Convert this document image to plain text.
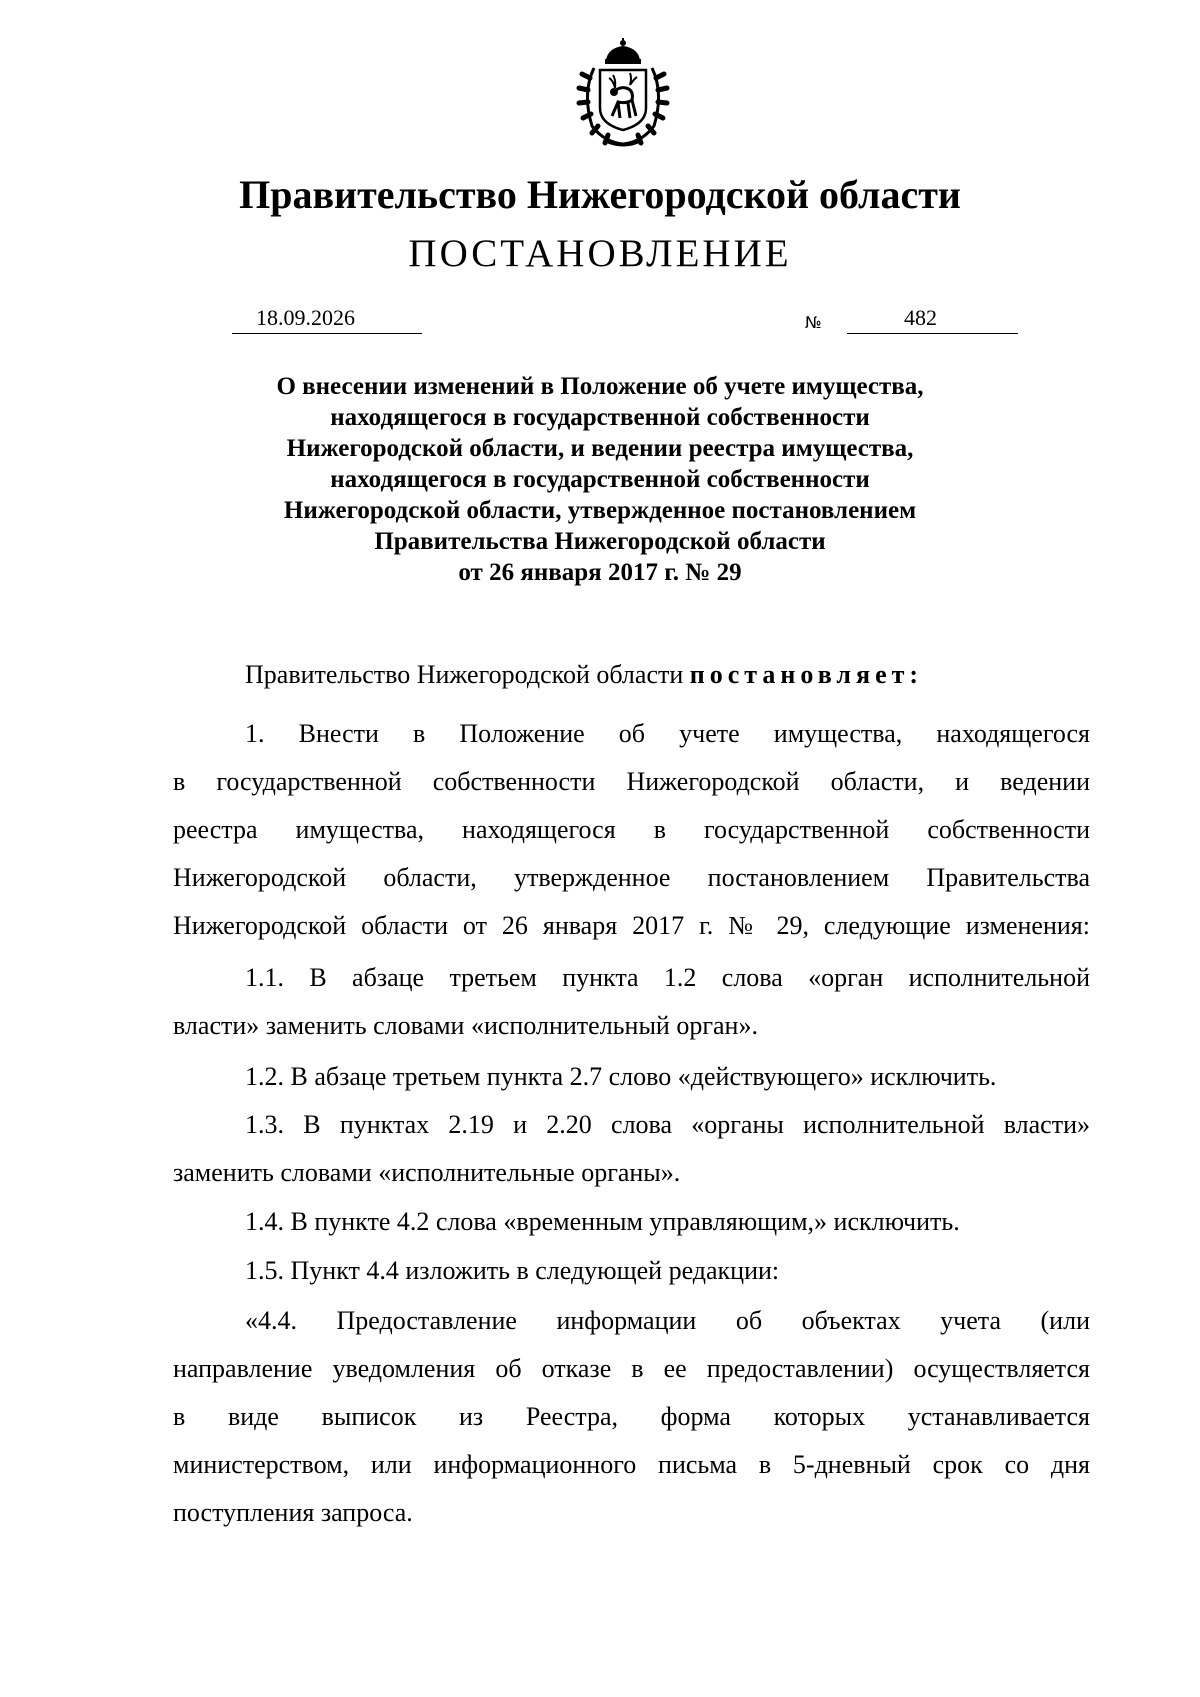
Правительство Нижегородской области
ПОСТАНОВЛЕНИЕ
18.09.2026	№	482
О внесении изменений в Положение об учете имущества,
находящегося в государственной собственности
Нижегородской области, и ведении реестра имущества,
находящегося в государственной собственности
Нижегородской области, утвержденное постановлением
Правительства Нижегородской области
от 26 января 2017 г. № 29

Правительство Нижегородской области постановляет:

1. Внести в Положение об учете имущества, находящегося
в государственной собственности Нижегородской области, и ведении
реестра имущества, находящегося в государственной собственности
Нижегородской области, утвержденное постановлением Правительства
Нижегородской области от 26 января 2017 г. № 29, следующие изменения:
1.1. В абзаце третьем пункта 1.2 слова «орган исполнительной
власти» заменить словами «исполнительный орган».
1.2. В абзаце третьем пункта 2.7 слово «действующего» исключить.
1.3. В пунктах 2.19 и 2.20 слова «органы исполнительной власти»
заменить словами «исполнительные органы».
1.4. В пункте 4.2 слова «временным управляющим,» исключить.
1.5. Пункт 4.4 изложить в следующей редакции:
«4.4. Предоставление информации об объектах учета (или
направление уведомления об отказе в ее предоставлении) осуществляется
в виде выписок из Реестра, форма которых устанавливается
министерством, или информационного письма в 5-дневный срок со дня
поступления запроса.
